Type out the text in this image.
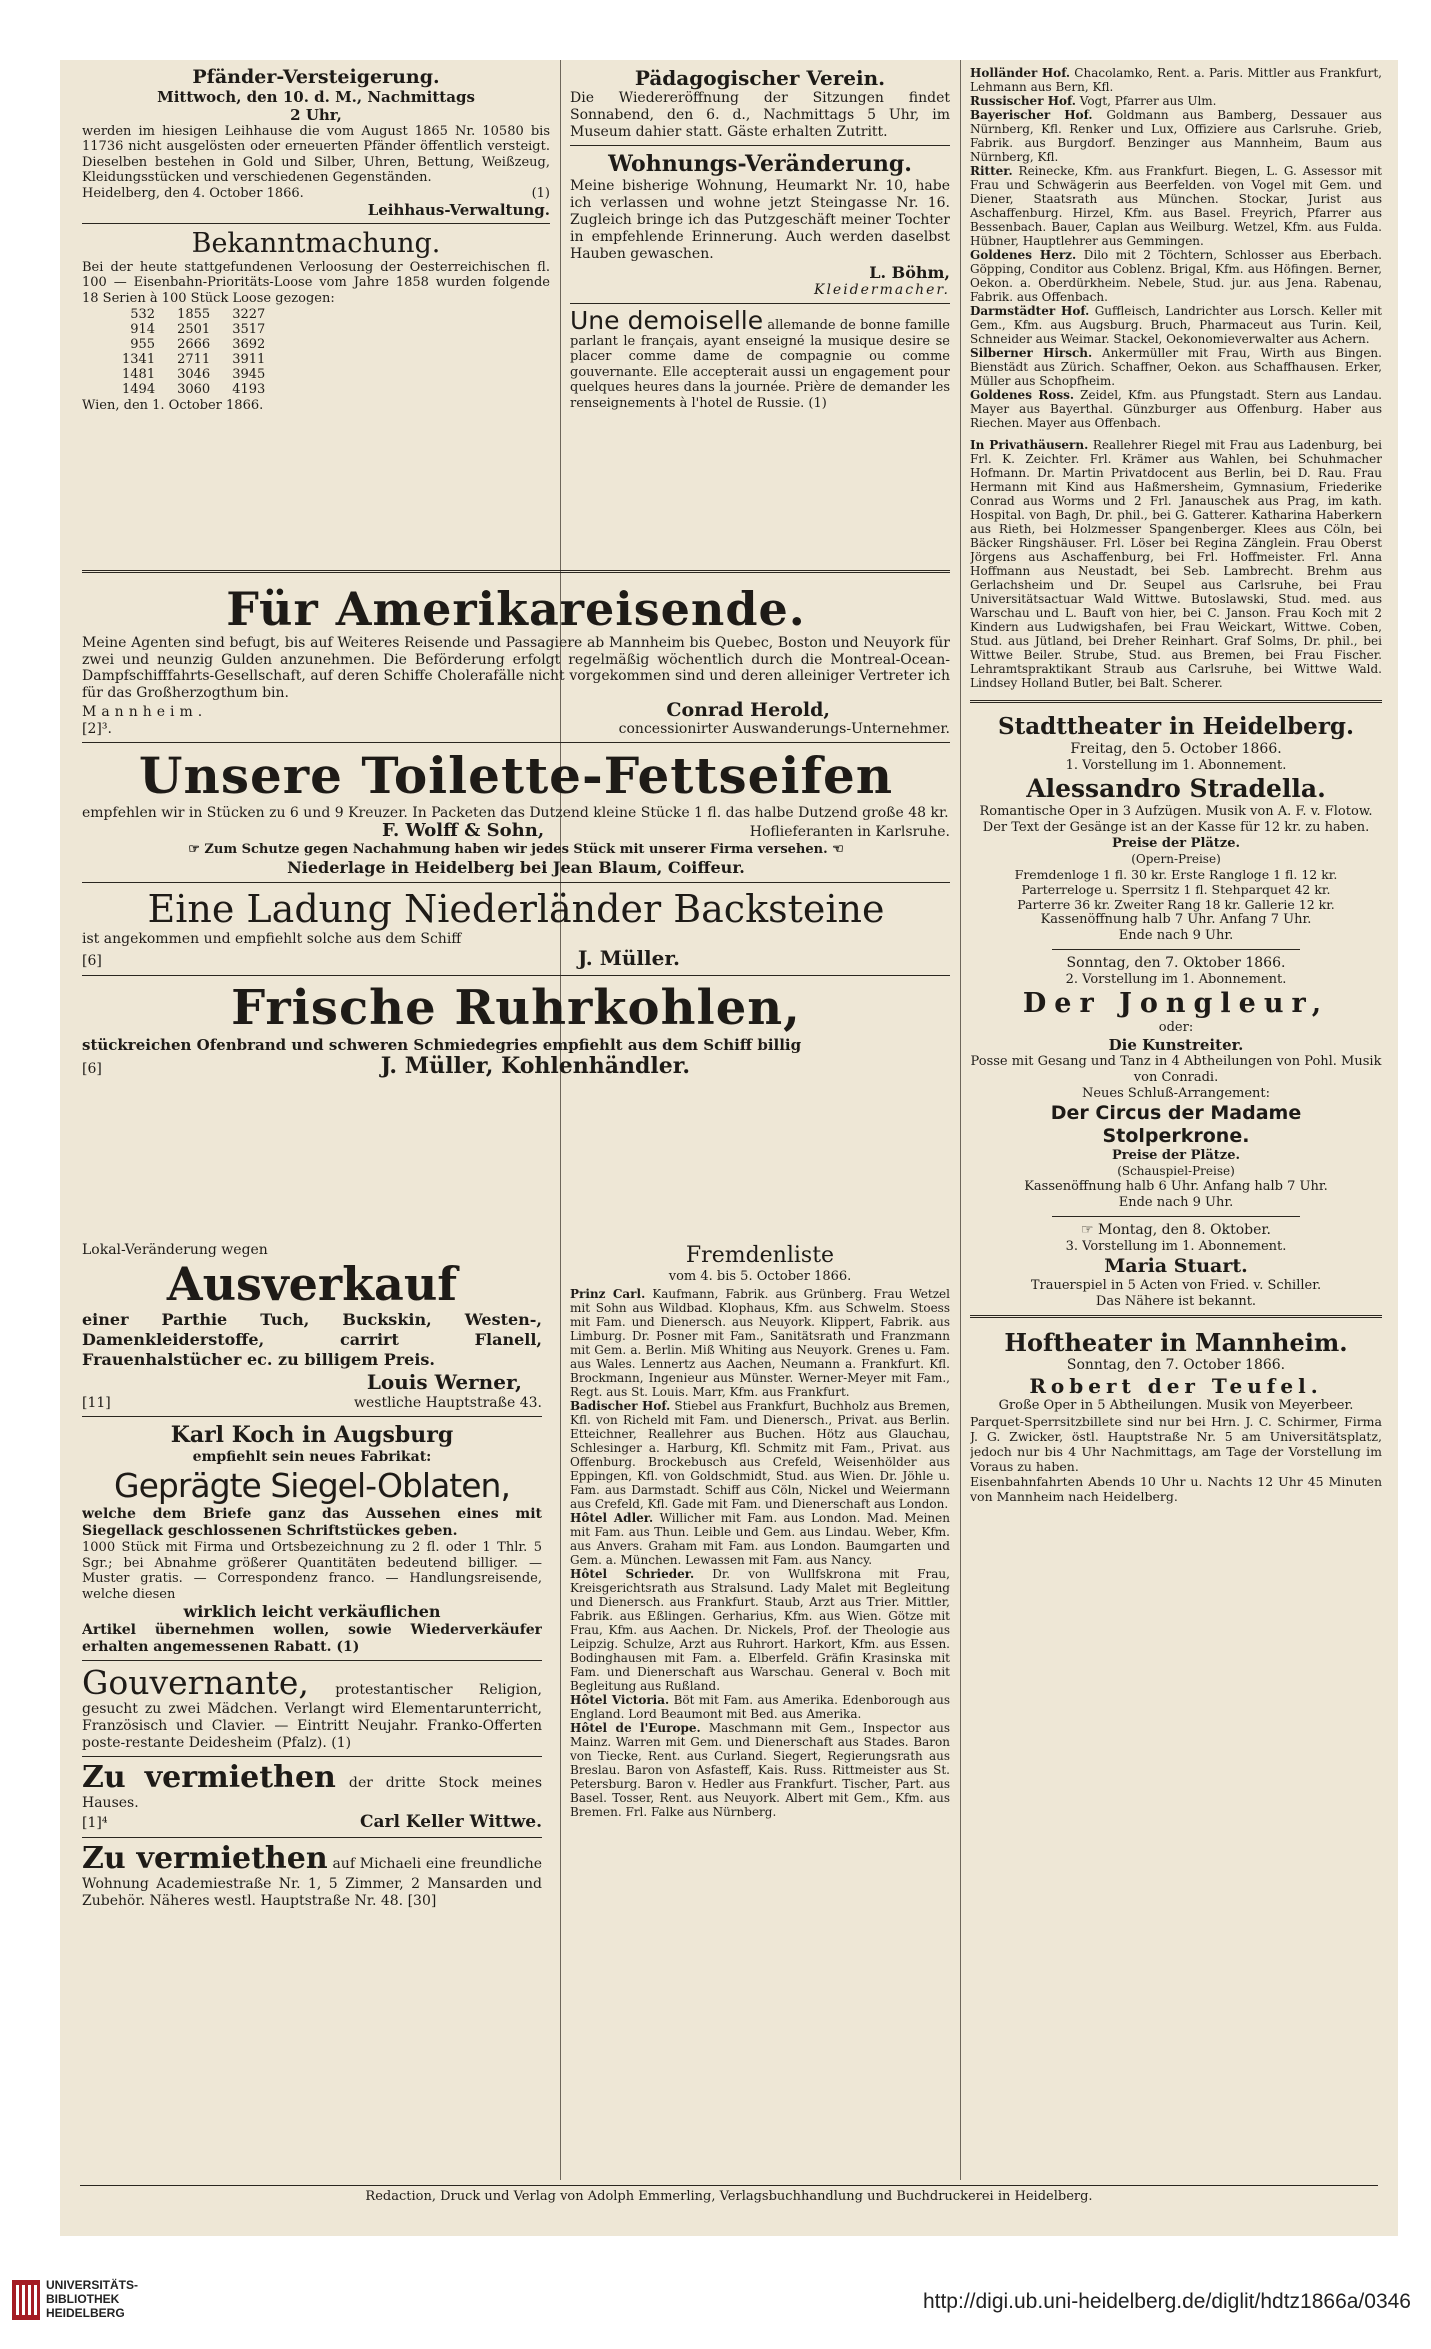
Pfänder-Versteigerung.

Mittwoch, den 10. d. M., Nachmittags

2 Uhr,

werden im hiesigen Leihhause die vom August 1865 Nr. 10580 bis 11736 nicht ausgelösten oder erneuerten Pfänder öffentlich versteigt. Dieselben bestehen in Gold und Silber, Uhren, Bettung, Weißzeug, Kleidungsstücken und verschiedenen Gegenständen.

Heidelberg, den 4. October 1866.	(1)

Leihhaus-Verwaltung.

Bekanntmachung.

Bei der heute stattgefundenen Verloosung der Oesterreichischen fl. 100 — Eisenbahn-Prioritäts-Loose vom Jahre 1858 wurden folgende 18 Serien à 100 Stück Loose gezogen:

532	1855	3227
914	2501	3517
955	2666	3692
1341	2711	3911
1481	3046	3945
1494	3060	4193

Wien, den 1. October 1866.

Pädagogischer Verein.

Die Wiedereröffnung der Sitzungen findet Sonnabend, den 6. d., Nachmittags 5 Uhr, im Museum dahier statt. Gäste erhalten Zutritt.

Wohnungs-Veränderung.

Meine bisherige Wohnung, Heumarkt Nr. 10, habe ich verlassen und wohne jetzt Steingasse Nr. 16. Zugleich bringe ich das Putzgeschäft meiner Tochter in empfehlende Erinnerung. Auch werden daselbst Hauben gewaschen.

L. Böhm,

Kleidermacher.

Une demoiselle allemande de bonne famille parlant le français, ayant enseigné la musique desire se placer comme dame de compagnie ou comme gouvernante. Elle accepterait aussi un engagement pour quelques heures dans la journée. Prière de demander les renseignements à l'hotel de Russie. (1)

Für Amerikareisende.

Meine Agenten sind befugt, bis auf Weiteres Reisende und Passagiere ab Mannheim bis Quebec, Boston und Neuyork für zwei und neunzig Gulden anzunehmen. Die Beförderung erfolgt regelmäßig wöchentlich durch die Montreal-Ocean-Dampfschifffahrts-Gesellschaft, auf deren Schiffe Cholerafälle nicht vorgekommen sind und deren alleiniger Vertreter ich für das Großherzogthum bin.

Mannheim.	Conrad Herold,
[2]³.	concessionirter Auswanderungs-Unternehmer.

Unsere Toilette-Fettseifen

empfehlen wir in Stücken zu 6 und 9 Kreuzer. In Packeten das Dutzend kleine Stücke 1 fl. das halbe Dutzend große 48 kr.

F. Wolff & Sohn,	Hoflieferanten in Karlsruhe.

☞ Zum Schutze gegen Nachahmung haben wir jedes Stück mit unserer Firma versehen. ☜

Niederlage in Heidelberg bei Jean Blaum, Coiffeur.

Eine Ladung Niederländer Backsteine

ist angekommen und empfiehlt solche aus dem Schiff

[6]	J. Müller.

Frische Ruhrkohlen,

stückreichen Ofenbrand und schweren Schmiedegries empfiehlt aus dem Schiff billig

[6]	J. Müller, Kohlenhändler.

Lokal-Veränderung wegen

Ausverkauf

einer Parthie Tuch, Buckskin, Westen-, Damenkleiderstoffe, carrirt Flanell, Frauenhalstücher ec. zu billigem Preis.

Louis Werner,

[11]	westliche Hauptstraße 43.

Karl Koch in Augsburg

empfiehlt sein neues Fabrikat:

Geprägte Siegel-Oblaten,

welche dem Briefe ganz das Aussehen eines mit Siegellack geschlossenen Schriftstückes geben.

1000 Stück mit Firma und Ortsbezeichnung zu 2 fl. oder 1 Thlr. 5 Sgr.; bei Abnahme größerer Quantitäten bedeutend billiger. — Muster gratis. — Correspondenz franco. — Handlungsreisende, welche diesen

wirklich leicht verkäuflichen

Artikel übernehmen wollen, sowie Wiederverkäufer erhalten angemessenen Rabatt. (1)

Gouvernante, protestantischer Religion, gesucht zu zwei Mädchen. Verlangt wird Elementarunterricht, Französisch und Clavier. — Eintritt Neujahr. Franko-Offerten poste-restante Deidesheim (Pfalz). (1)

Zu vermiethen der dritte Stock meines Hauses.

[1]⁴	Carl Keller Wittwe.

Zu vermiethen auf Michaeli eine freundliche Wohnung Academiestraße Nr. 1, 5 Zimmer, 2 Mansarden und Zubehör. Näheres westl. Hauptstraße Nr. 48. [30]

Fremdenliste

vom 4. bis 5. October 1866.

Prinz Carl. Kaufmann, Fabrik. aus Grünberg. Frau Wetzel mit Sohn aus Wildbad. Klophaus, Kfm. aus Schwelm. Stoess mit Fam. und Dienersch. aus Neuyork. Klippert, Fabrik. aus Limburg. Dr. Posner mit Fam., Sanitätsrath und Franzmann mit Gem. a. Berlin. Miß Whiting aus Neuyork. Grenes u. Fam. aus Wales. Lennertz aus Aachen, Neumann a. Frankfurt. Kfl. Brockmann, Ingenieur aus Münster. Werner-Meyer mit Fam., Regt. aus St. Louis. Marr, Kfm. aus Frankfurt.

Badischer Hof. Stiebel aus Frankfurt, Buchholz aus Bremen, Kfl. von Richeld mit Fam. und Dienersch., Privat. aus Berlin. Etteichner, Reallehrer aus Buchen. Hötz aus Glauchau, Schlesinger a. Harburg, Kfl. Schmitz mit Fam., Privat. aus Offenburg. Brockebusch aus Crefeld, Weisenhölder aus Eppingen, Kfl. von Goldschmidt, Stud. aus Wien. Dr. Jöhle u. Fam. aus Darmstadt. Schiff aus Cöln, Nickel und Weiermann aus Crefeld, Kfl. Gade mit Fam. und Dienerschaft aus London.

Hôtel Adler. Willicher mit Fam. aus London. Mad. Meinen mit Fam. aus Thun. Leible und Gem. aus Lindau. Weber, Kfm. aus Anvers. Graham mit Fam. aus London. Baumgarten und Gem. a. München. Lewassen mit Fam. aus Nancy.

Hôtel Schrieder. Dr. von Wullfskrona mit Frau, Kreisgerichtsrath aus Stralsund. Lady Malet mit Begleitung und Dienersch. aus Frankfurt. Staub, Arzt aus Trier. Mittler, Fabrik. aus Eßlingen. Gerharius, Kfm. aus Wien. Götze mit Frau, Kfm. aus Aachen. Dr. Nickels, Prof. der Theologie aus Leipzig. Schulze, Arzt aus Ruhrort. Harkort, Kfm. aus Essen. Bodinghausen mit Fam. a. Elberfeld. Gräfin Krasinska mit Fam. und Dienerschaft aus Warschau. General v. Boch mit Begleitung aus Rußland.

Hôtel Victoria. Böt mit Fam. aus Amerika. Edenborough aus England. Lord Beaumont mit Bed. aus Amerika.

Hôtel de l'Europe. Maschmann mit Gem., Inspector aus Mainz. Warren mit Gem. und Dienerschaft aus Stades. Baron von Tiecke, Rent. aus Curland. Siegert, Regierungsrath aus Breslau. Baron von Asfasteff, Kais. Russ. Rittmeister aus St. Petersburg. Baron v. Hedler aus Frankfurt. Tischer, Part. aus Basel. Tosser, Rent. aus Neuyork. Albert mit Gem., Kfm. aus Bremen. Frl. Falke aus Nürnberg.

Holländer Hof. Chacolamko, Rent. a. Paris. Mittler aus Frankfurt, Lehmann aus Bern, Kfl.

Russischer Hof. Vogt, Pfarrer aus Ulm.

Bayerischer Hof. Goldmann aus Bamberg, Dessauer aus Nürnberg, Kfl. Renker und Lux, Offiziere aus Carlsruhe. Grieb, Fabrik. aus Burgdorf. Benzinger aus Mannheim, Baum aus Nürnberg, Kfl.

Ritter. Reinecke, Kfm. aus Frankfurt. Biegen, L. G. Assessor mit Frau und Schwägerin aus Beerfelden. von Vogel mit Gem. und Diener, Staatsrath aus München. Stockar, Jurist aus Aschaffenburg. Hirzel, Kfm. aus Basel. Freyrich, Pfarrer aus Bessenbach. Bauer, Caplan aus Weilburg. Wetzel, Kfm. aus Fulda. Hübner, Hauptlehrer aus Gemmingen.

Goldenes Herz. Dilo mit 2 Töchtern, Schlosser aus Eberbach. Göpping, Conditor aus Coblenz. Brigal, Kfm. aus Höfingen. Berner, Oekon. a. Oberdürkheim. Nebele, Stud. jur. aus Jena. Rabenau, Fabrik. aus Offenbach.

Darmstädter Hof. Guffleisch, Landrichter aus Lorsch. Keller mit Gem., Kfm. aus Augsburg. Bruch, Pharmaceut aus Turin. Keil, Schneider aus Weimar. Stackel, Oekonomieverwalter aus Achern.

Silberner Hirsch. Ankermüller mit Frau, Wirth aus Bingen. Bienstädt aus Zürich. Schaffner, Oekon. aus Schaffhausen. Erker, Müller aus Schopfheim.

Goldenes Ross. Zeidel, Kfm. aus Pfungstadt. Stern aus Landau. Mayer aus Bayerthal. Günzburger aus Offenburg. Haber aus Riechen. Mayer aus Offenbach.

In Privathäusern. Reallehrer Riegel mit Frau aus Ladenburg, bei Frl. K. Zeichter. Frl. Krämer aus Wahlen, bei Schuhmacher Hofmann. Dr. Martin Privatdocent aus Berlin, bei D. Rau. Frau Hermann mit Kind aus Haßmersheim, Gymnasium, Friederike Conrad aus Worms und 2 Frl. Janauschek aus Prag, im kath. Hospital. von Bagh, Dr. phil., bei G. Gatterer. Katharina Haberkern aus Rieth, bei Holzmesser Spangenberger. Klees aus Cöln, bei Bäcker Ringshäuser. Frl. Löser bei Regina Zänglein. Frau Oberst Jörgens aus Aschaffenburg, bei Frl. Hoffmeister. Frl. Anna Hoffmann aus Neustadt, bei Seb. Lambrecht. Brehm aus Gerlachsheim und Dr. Seupel aus Carlsruhe, bei Frau Universitätsactuar Wald Wittwe. Butoslawski, Stud. med. aus Warschau und L. Bauft von hier, bei C. Janson. Frau Koch mit 2 Kindern aus Ludwigshafen, bei Frau Weickart, Wittwe. Coben, Stud. aus Jütland, bei Dreher Reinhart. Graf Solms, Dr. phil., bei Wittwe Beiler. Strube, Stud. aus Bremen, bei Frau Fischer. Lehramtspraktikant Straub aus Carlsruhe, bei Wittwe Wald. Lindsey Holland Butler, bei Balt. Scherer.

Stadttheater in Heidelberg.

Freitag, den 5. October 1866.

1. Vorstellung im 1. Abonnement.

Alessandro Stradella.

Romantische Oper in 3 Aufzügen. Musik von A. F. v. Flotow.

Der Text der Gesänge ist an der Kasse für 12 kr. zu haben.

Preise der Plätze.

(Opern-Preise)

Fremdenloge 1 fl. 30 kr. Erste Rangloge 1 fl. 12 kr.

Parterreloge u. Sperrsitz 1 fl. Stehparquet 42 kr.

Parterre 36 kr. Zweiter Rang 18 kr. Gallerie 12 kr.

Kassenöffnung halb 7 Uhr. Anfang 7 Uhr.

Ende nach 9 Uhr.

Sonntag, den 7. Oktober 1866.

2. Vorstellung im 1. Abonnement.

Der Jongleur,

oder:

Die Kunstreiter.

Posse mit Gesang und Tanz in 4 Abtheilungen von Pohl. Musik von Conradi.

Neues Schluß-Arrangement:

Der Circus der Madame

Stolperkrone.

Preise der Plätze.

(Schauspiel-Preise)

Kassenöffnung halb 6 Uhr. Anfang halb 7 Uhr.

Ende nach 9 Uhr.

☞ Montag, den 8. Oktober.

3. Vorstellung im 1. Abonnement.

Maria Stuart.

Trauerspiel in 5 Acten von Fried. v. Schiller.

Das Nähere ist bekannt.

Hoftheater in Mannheim.

Sonntag, den 7. October 1866.

Robert der Teufel.

Große Oper in 5 Abtheilungen. Musik von Meyerbeer.

Parquet-Sperrsitzbillete sind nur bei Hrn. J. C. Schirmer, Firma J. G. Zwicker, östl. Hauptstraße Nr. 5 am Universitätsplatz, jedoch nur bis 4 Uhr Nachmittags, am Tage der Vorstellung im Voraus zu haben.

Eisenbahnfahrten Abends 10 Uhr u. Nachts 12 Uhr 45 Minuten von Mannheim nach Heidelberg.

Redaction, Druck und Verlag von Adolph Emmerling, Verlagsbuchhandlung und Buchdruckerei in Heidelberg.
UNIVERSITÄTS-
BIBLIOTHEK
HEIDELBERG	http://digi.ub.uni-heidelberg.de/diglit/hdtz1866a/0346
